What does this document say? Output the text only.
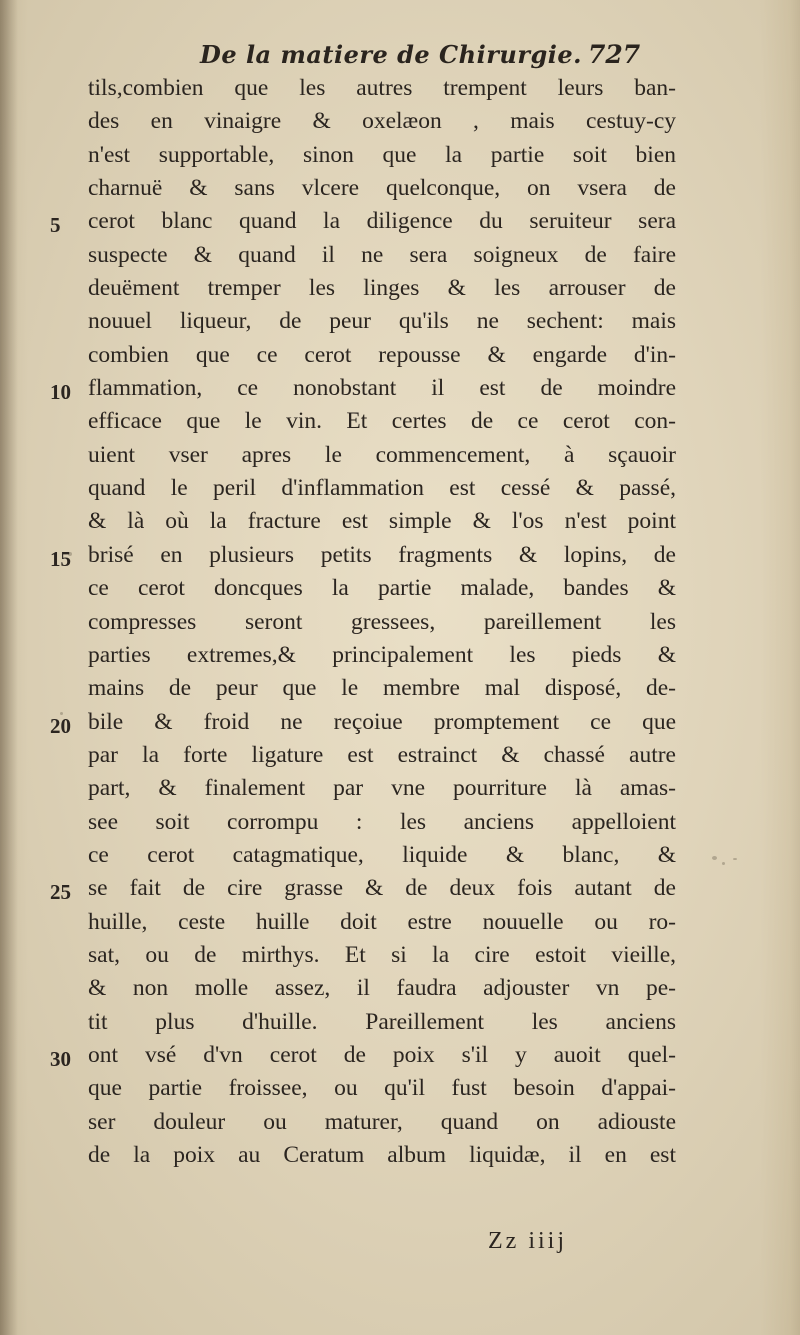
De la matiere de Chirurgie. 727
tils,combien que les autres trempent leurs ban-
des en vinaigre & oxelæon , mais cestuy-cy
n'est supportable, sinon que la partie soit bien
charnuë & sans vlcere quelconque, on vsera de
cerot blanc quand la diligence du seruiteur sera
suspecte & quand il ne sera soigneux de faire
deuëment tremper les linges & les arrouser de
nouuel liqueur, de peur qu'ils ne sechent: mais
combien que ce cerot repousse & engarde d'in-
flammation, ce nonobstant il est de moindre
efficace que le vin. Et certes de ce cerot con-
uient vser apres le commencement, à sçauoir
quand le peril d'inflammation est cessé & passé,
& là où la fracture est simple & l'os n'est point
brisé en plusieurs petits fragments & lopins, de
ce cerot doncques la partie malade, bandes &
compresses seront gressees, pareillement les
parties extremes,& principalement les pieds &
mains de peur que le membre mal disposé, de-
bile & froid ne reçoiue promptement ce que
par la forte ligature est estrainct & chassé autre
part, & finalement par vne pourriture là amas-
see soit corrompu : les anciens appelloient
ce cerot catagmatique, liquide & blanc, &
se fait de cire grasse & de deux fois autant de
huille, ceste huille doit estre nouuelle ou ro-
sat, ou de mirthys. Et si la cire estoit vieille,
& non molle assez, il faudra adjouster vn pe-
tit plus d'huille. Pareillement les anciens
ont vsé d'vn cerot de poix s'il y auoit quel-
que partie froissee, ou qu'il fust besoin d'appai-
ser douleur ou maturer, quand on adiouste
de la poix au Ceratum album liquidæ, il en est
5
10
15
20
25
30
Zz iiij
